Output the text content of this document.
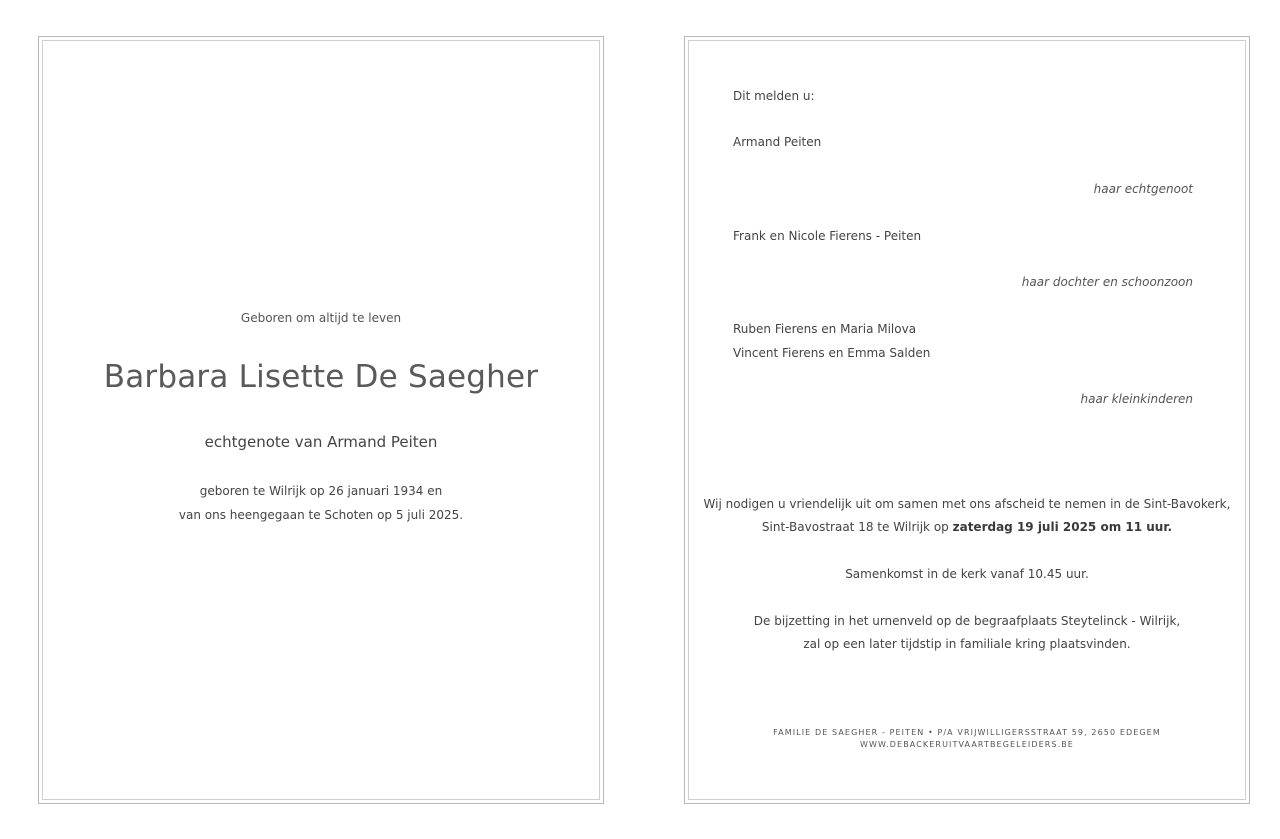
Geboren om altijd te leven
Barbara Lisette De Saegher
echtgenote van Armand Peiten
geboren te Wilrijk op 26 januari 1934 en
van ons heengegaan te Schoten op 5 juli 2025.
Dit melden u:
Armand Peiten
haar echtgenoot
Frank en Nicole Fierens - Peiten
haar dochter en schoonzoon
Ruben Fierens en Maria Milova
Vincent Fierens en Emma Salden
haar kleinkinderen
Wij nodigen u vriendelijk uit om samen met ons afscheid te nemen in de Sint-Bavokerk,
Sint-Bavostraat 18 te Wilrijk op zaterdag 19 juli 2025 om 11 uur.
Samenkomst in de kerk vanaf 10.45 uur.
De bijzetting in het urnenveld op de begraafplaats Steytelinck - Wilrijk,
zal op een later tijdstip in familiale kring plaatsvinden.
FAMILIE DE SAEGHER - PEITEN • P/A VRIJWILLIGERSSTRAAT 59, 2650 EDEGEM
WWW.DEBACKERUITVAARTBEGELEIDERS.BE
